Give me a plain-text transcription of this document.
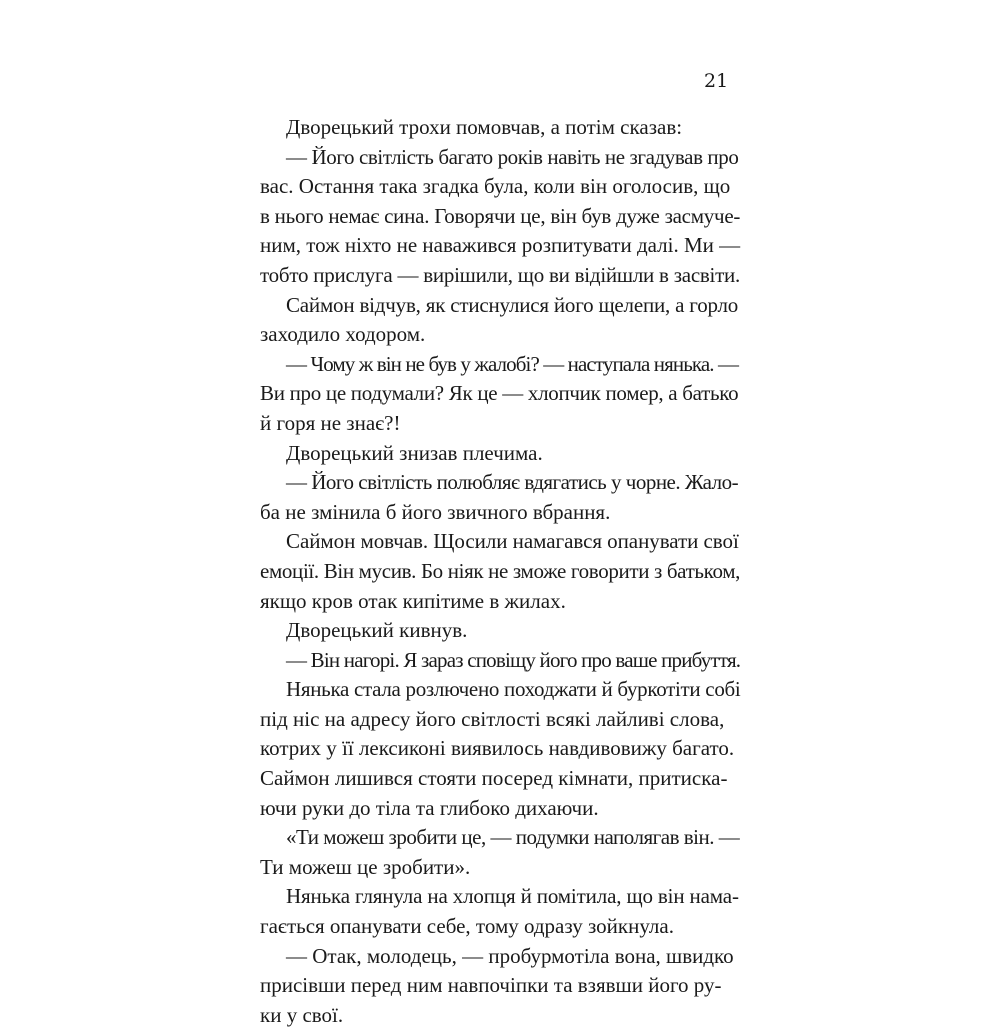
21
Дворецький трохи помовчав, а потім сказав:
— Його світлість багато років навіть не згадував про
вас. Остання така згадка була, коли він оголосив, що
в нього немає сина. Говорячи це, він був дуже засмуче-
ним, тож ніхто не наважився розпитувати далі. Ми —
тобто прислуга — вирішили, що ви відійшли в засвіти.
Саймон відчув, як стиснулися його щелепи, а горло
заходило ходором.
— Чому ж він не був у жалобі? — наступала нянька. —
Ви про це подумали? Як це — хлопчик помер, а батько
й горя не знає?!
Дворецький знизав плечима.
— Його світлість полюбляє вдягатись у чорне. Жало-
ба не змінила б його звичного вбрання.
Саймон мовчав. Щосили намагався опанувати свої
емоції. Він мусив. Бо ніяк не зможе говорити з батьком,
якщо кров отак кипітиме в жилах.
Дворецький кивнув.
— Він нагорі. Я зараз сповіщу його про ваше прибуття.
Нянька стала розлючено походжати й буркотіти собі
під ніс на адресу його світлості всякі лайливі слова,
котрих у її лексиконі виявилось навдивовижу багато.
Саймон лишився стояти посеред кімнати, притиска-
ючи руки до тіла та глибоко дихаючи.
«Ти можеш зробити це, — подумки наполягав він. —
Ти можеш це зробити».
Нянька глянула на хлопця й помітила, що він нама-
гається опанувати себе, тому одразу зойкнула.
— Отак, молодець, — пробурмотіла вона, швидко
присівши перед ним навпочіпки та взявши його ру-
ки у свої.
